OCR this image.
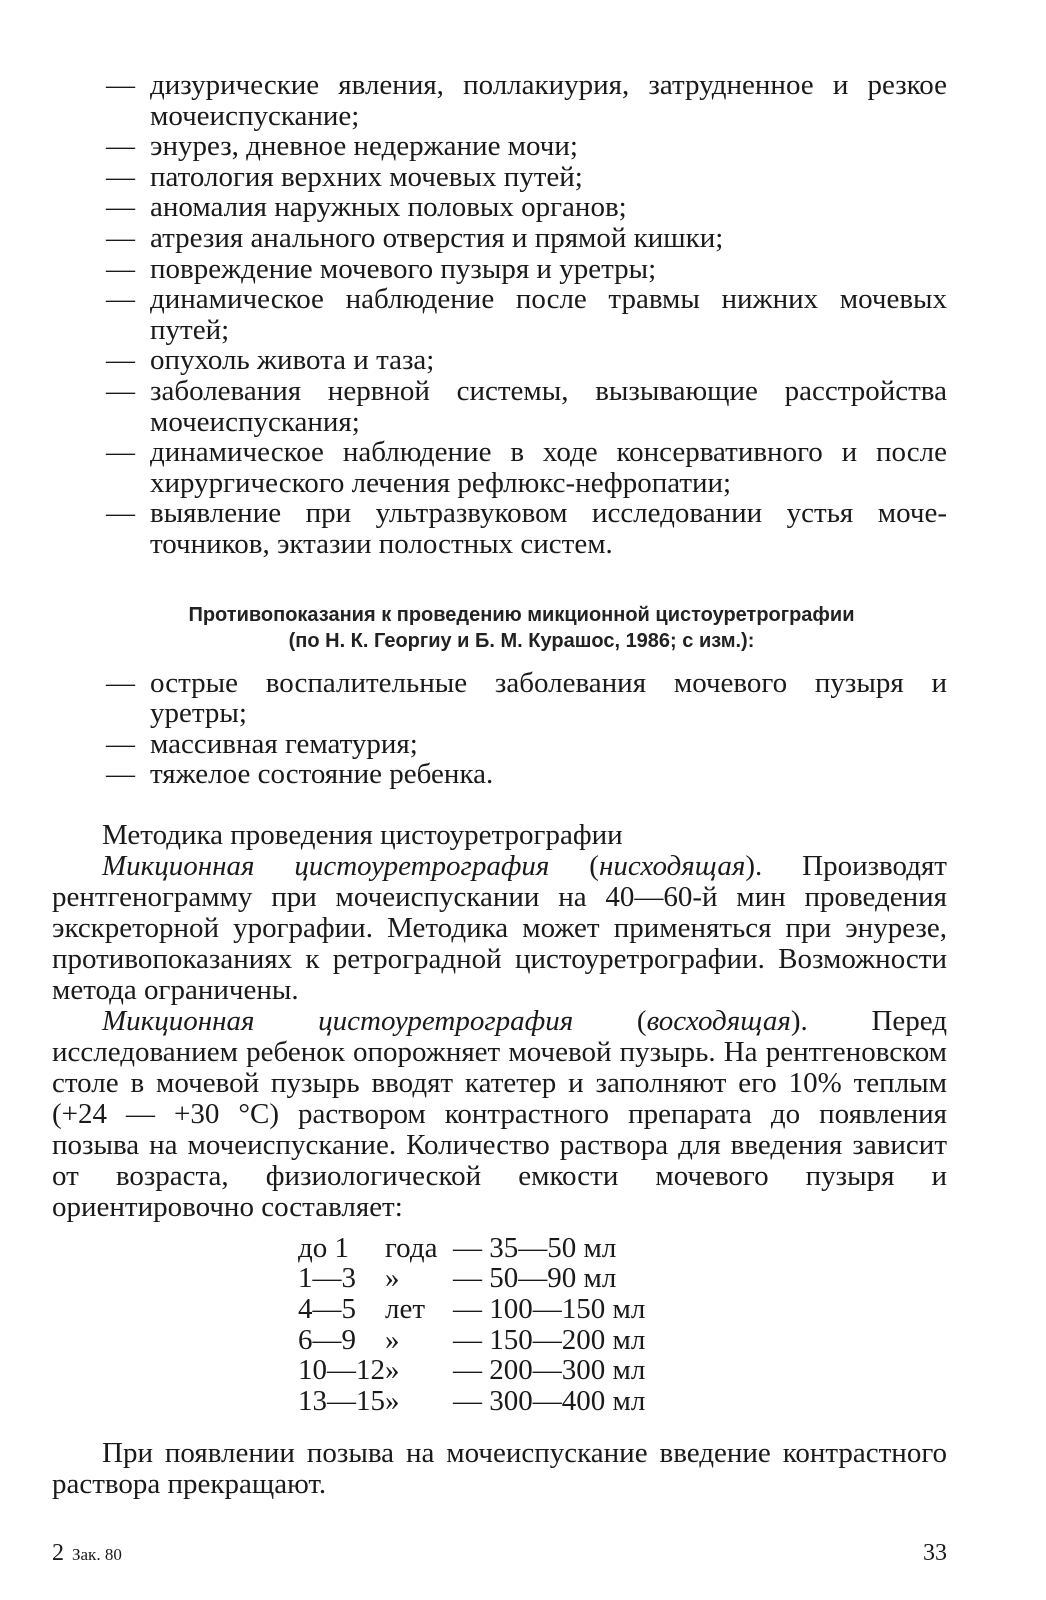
— дизурические явления, поллакиурия, затрудненное и резкое мочеиспускание;
— энурез, дневное недержание мочи;
— патология верхних мочевых путей;
— аномалия наружных половых органов;
— атрезия анального отверстия и прямой кишки;
— повреждение мочевого пузыря и уретры;
— динамическое наблюдение после травмы нижних мочевых путей;
— опухоль живота и таза;
— заболевания нервной системы, вызывающие расстройства мочеиспускания;
— динамическое наблюдение в ходе консервативного и после хирургического лечения рефлюкс-нефропатии;
— выявление при ультразвуковом исследовании устья мочеточников, эктазии полостных систем.
Противопоказания к проведению микционной цистоуретрографии
(по Н. К. Георгиу и Б. М. Курашос, 1986; с изм.):
— острые воспалительные заболевания мочевого пузыря и уретры;
— массивная гематурия;
— тяжелое состояние ребенка.
Методика проведения цистоуретрографии

Микционная цистоуретрография (нисходящая). Производят рентгенограмму при мочеиспускании на 40—60-й мин проведения экскреторной урографии. Методика может применяться при энурезе, противопоказаниях к ретроградной цистоуретрографии. Возможности метода ограничены.

Микционная цистоуретрография (восходящая). Перед исследованием ребенок опорожняет мочевой пузырь. На рентгеновском столе в мочевой пузырь вводят катетер и заполняют его 10% теплым (+24 — +30 °С) раствором контрастного препарата до появления позыва на мочеиспускание. Количество раствора для введения зависит от возраста, физиологической емкости мочевого пузыря и ориентировочно составляет:

до 1	года	— 35—50 мл
1—3	»	— 50—90 мл
4—5	лет	— 100—150 мл
6—9	»	— 150—200 мл
10—12	»	— 200—300 мл
13—15	»	— 300—400 мл

При появлении позыва на мочеиспускание введение контрастного раствора прекращают.

2 Зак. 80	33
